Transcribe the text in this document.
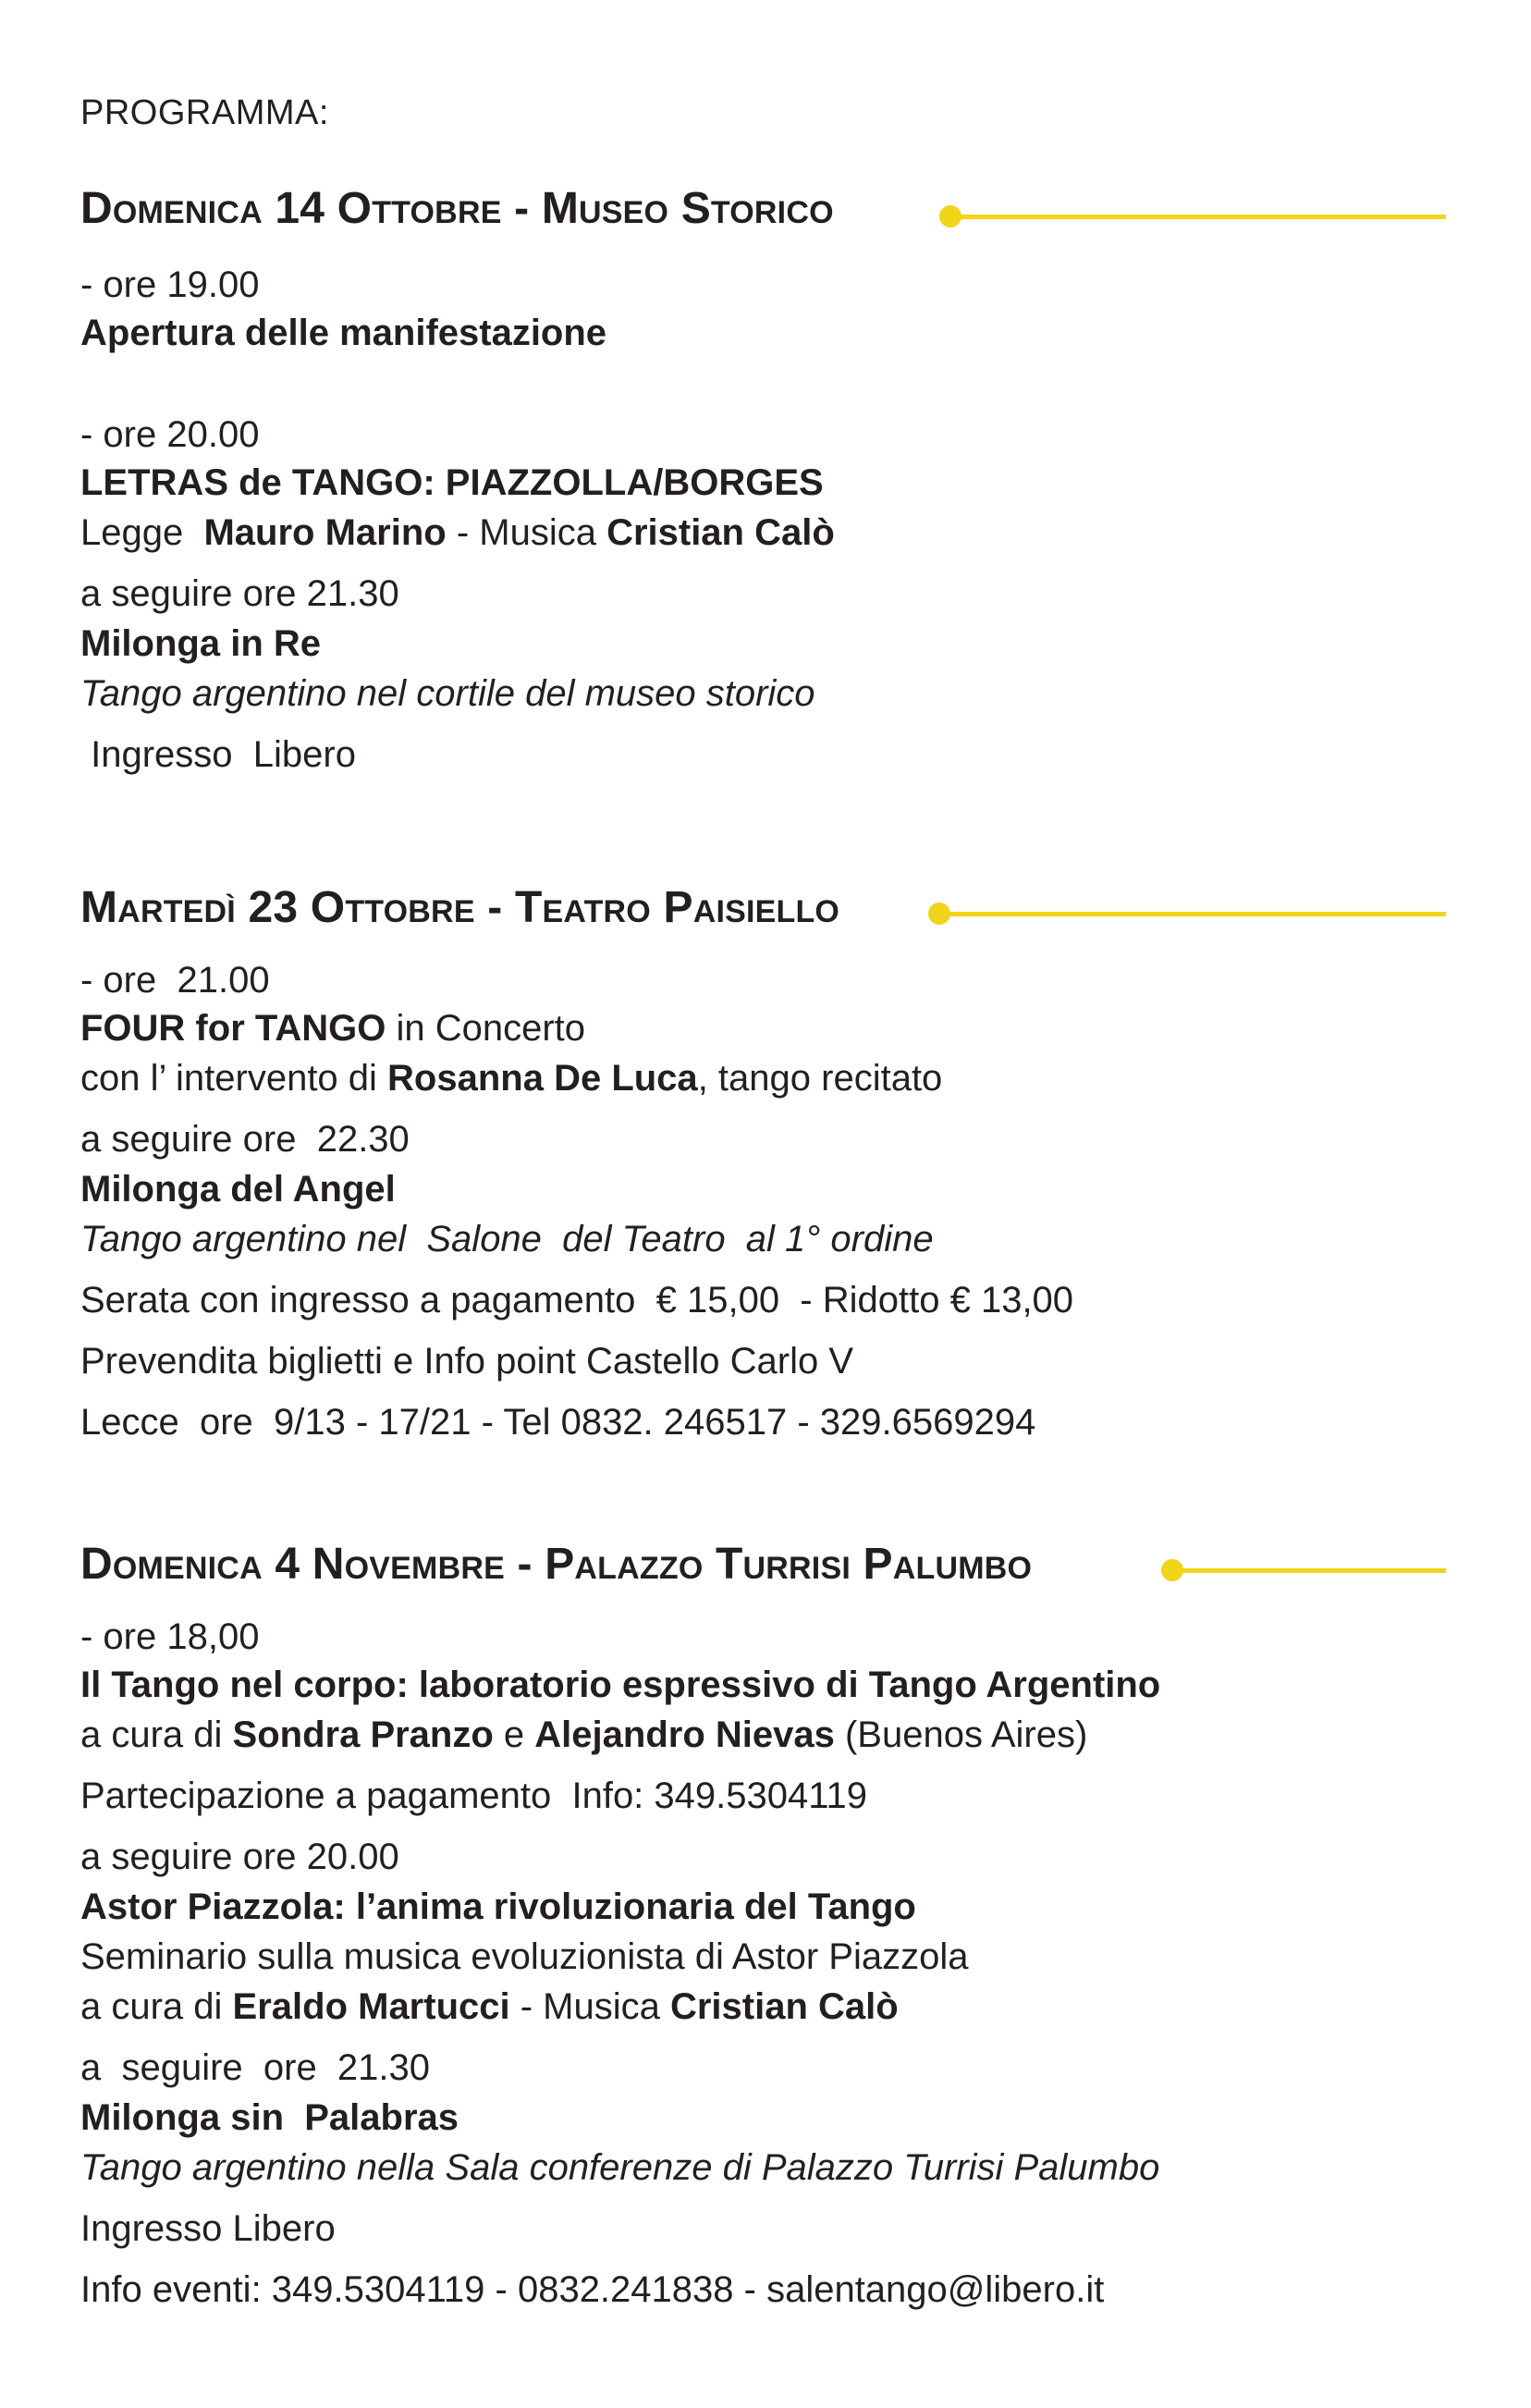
PROGRAMMA:
Domenica 14 Ottobre - Museo Storico
- ore 19.00
Apertura delle manifestazione
- ore 20.00
LETRAS de TANGO: PIAZZOLLA/BORGES
Legge  Mauro Marino - Musica Cristian Calò
a seguire ore 21.30
Milonga in Re
Tango argentino nel cortile del museo storico
Ingresso  Libero
Martedì 23 Ottobre - Teatro Paisiello
- ore  21.00
FOUR for TANGO in Concerto
con l’ intervento di Rosanna De Luca, tango recitato
a seguire ore  22.30
Milonga del Angel
Tango argentino nel  Salone  del Teatro  al 1° ordine
Serata con ingresso a pagamento  € 15,00  - Ridotto € 13,00
Prevendita biglietti e Info point Castello Carlo V
Lecce  ore  9/13 - 17/21 - Tel 0832. 246517 - 329.6569294
Domenica 4 Novembre - Palazzo Turrisi Palumbo
- ore 18,00
Il Tango nel corpo: laboratorio espressivo di Tango Argentino
a cura di Sondra Pranzo e Alejandro Nievas (Buenos Aires)
Partecipazione a pagamento  Info: 349.5304119
a seguire ore 20.00
Astor Piazzola: l’anima rivoluzionaria del Tango
Seminario sulla musica evoluzionista di Astor Piazzola
a cura di Eraldo Martucci - Musica Cristian Calò
a  seguire  ore  21.30
Milonga sin  Palabras
Tango argentino nella Sala conferenze di Palazzo Turrisi Palumbo
Ingresso Libero
Info eventi: 349.5304119 - 0832.241838 - salentango@libero.it
